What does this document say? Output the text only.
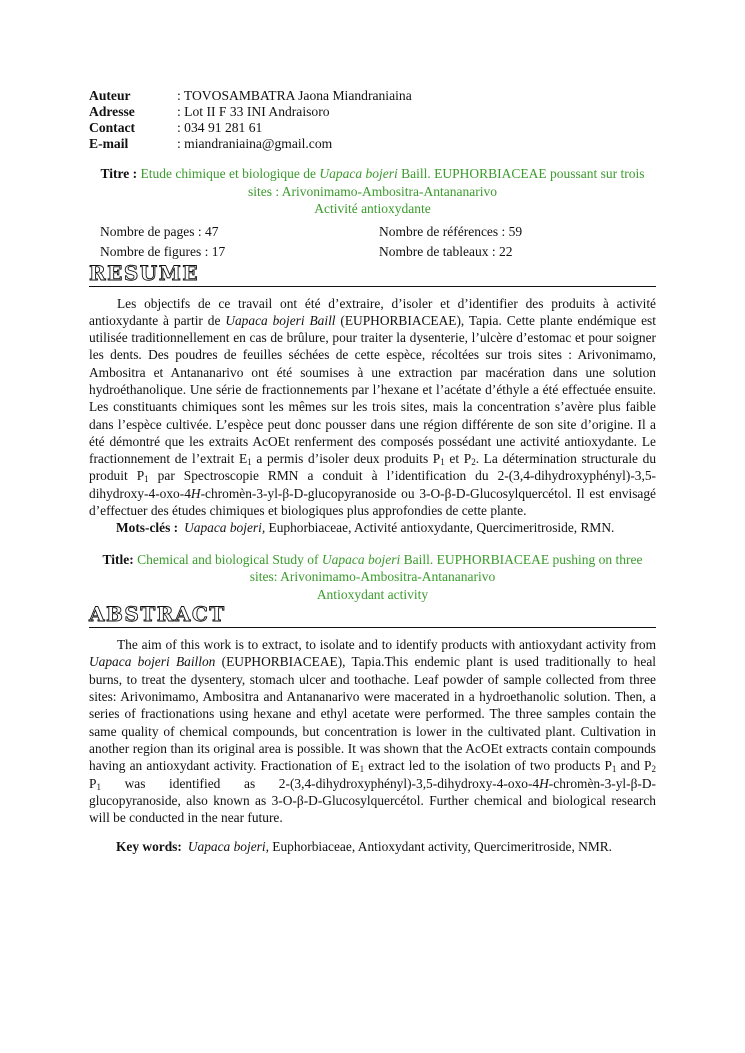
Auteur	: TOVOSAMBATRA Jaona Miandraniaina
Adresse	: Lot II F 33 INI Andraisoro
Contact	: 034 91 281 61
E-mail	: miandraniaina@gmail.com
Titre : Etude chimique et biologique de Uapaca bojeri Baill. EUPHORBIACEAE poussant sur trois sites : Arivonimamo-Ambositra-Antananarivo
Activité antioxydante
Nombre de pages : 47	Nombre de références : 59
Nombre de figures : 17	Nombre de tableaux : 22
RESUME
Les objectifs de ce travail ont été d’extraire, d’isoler et d’identifier des produits à activité antioxydante à partir de Uapaca bojeri Baill (EUPHORBIACEAE), Tapia. Cette plante endémique est utilisée traditionnellement en cas de brûlure, pour traiter la dysenterie, l’ulcère d’estomac et pour soigner les dents. Des poudres de feuilles séchées de cette espèce, récoltées sur trois sites : Arivonimamo, Ambositra et Antananarivo ont été soumises à une extraction par macération dans une solution hydroéthanolique. Une série de fractionnements par l’hexane et l’acétate d’éthyle a été effectuée ensuite. Les constituants chimiques sont les mêmes sur les trois sites, mais la concentration s’avère plus faible dans l’espèce cultivée. L’espèce peut donc pousser dans une région différente de son site d’origine. Il a été démontré que les extraits AcOEt renferment des composés possédant une activité antioxydante. Le fractionnement de l’extrait $E_1$ a permis d’isoler deux produits $P_1$ et $P_2$. La détermination structurale du produit $P_1$ par Spectroscopie RMN a conduit à l’identification du 2-(3,4-dihydroxyphényl)-3,5-dihydroxy-4-oxo-4H-chromèn-3-yl-β-D-glucopyranoside ou 3-O-β-D-Glucosylquercétol. Il est envisagé d’effectuer des études chimiques et biologiques plus approfondies de cette plante.
Mots-clés : Uapaca bojeri, Euphorbiaceae, Activité antioxydante, Quercimeritroside, RMN.
Title: Chemical and biological Study of Uapaca bojeri Baill. EUPHORBIACEAE pushing on three sites: Arivonimamo-Ambositra-Antananarivo
Antioxydant activity
ABSTRACT
The aim of this work is to extract, to isolate and to identify products with antioxydant activity from Uapaca bojeri Baillon (EUPHORBIACEAE), Tapia.This endemic plant is used traditionally to heal burns, to treat the dysentery, stomach ulcer and toothache. Leaf powder of sample collected from three sites: Arivonimamo, Ambositra and Antananarivo were macerated in a hydroethanolic solution. Then, a series of fractionations using hexane and ethyl acetate were performed. The three samples contain the same quality of chemical compounds, but concentration is lower in the cultivated plant. Cultivation in another region than its original area is possible. It was shown that the AcOEt extracts contain compounds having an antioxydant activity. Fractionation of $E_1$ extract led to the isolation of two products $P_1$ and $P_2$ $P_1$ was identified as 2-(3,4-dihydroxyphényl)-3,5-dihydroxy-4-oxo-4H-chromèn-3-yl-β-D-glucopyranoside, also known as 3-O-β-D-Glucosylquercétol. Further chemical and biological research will be conducted in the near future.
Key words: Uapaca bojeri, Euphorbiaceae, Antioxydant activity, Quercimeritroside, NMR.
